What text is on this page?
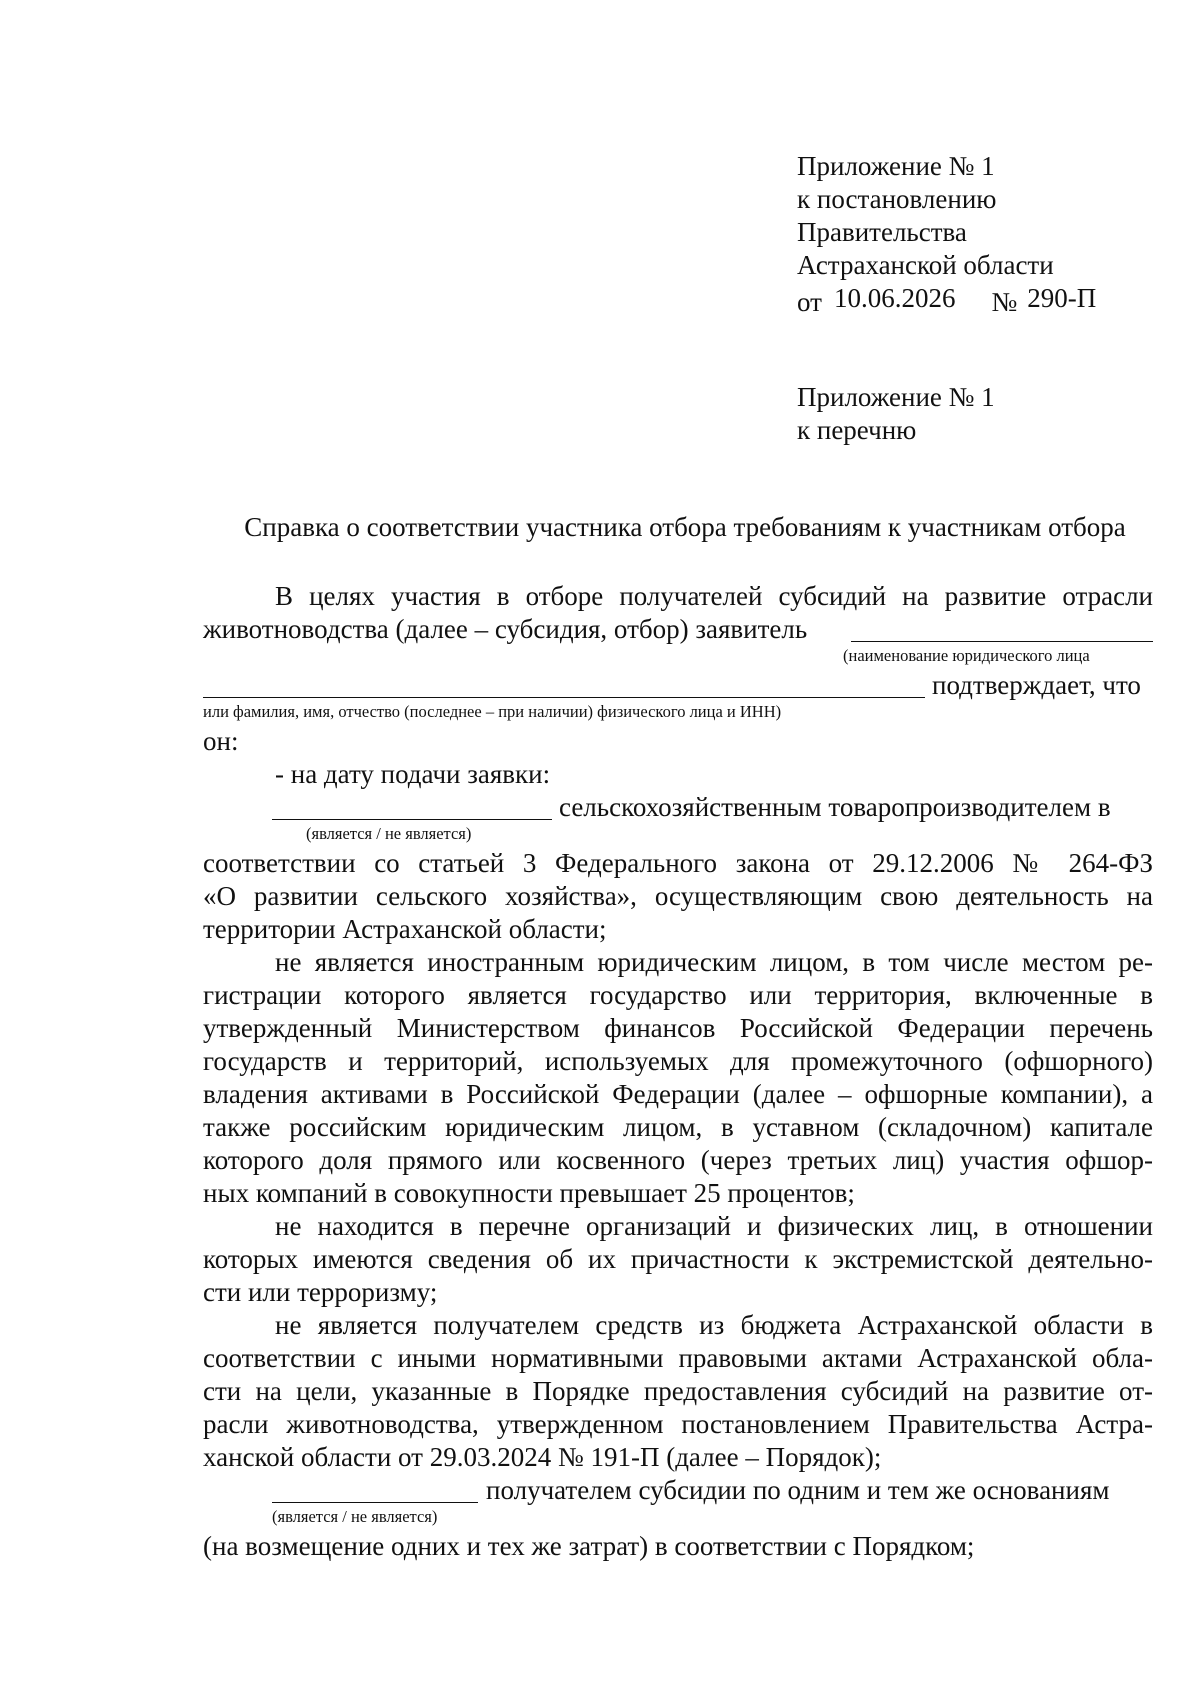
Приложение № 1
к постановлению
Правительства
Астраханской области
от 10.06.2026 № 290-П
Приложение № 1
к перечню
Справка о соответствии участника отбора требованиям к участникам отбора
В целях участия в отборе получателей субсидий на развитие отрасли
животноводства (далее – субсидия, отбор) заявитель
(наименование юридического лица
подтверждает, что
или фамилия, имя, отчество (последнее – при наличии) физического лица и ИНН)
он:
- на дату подачи заявки:
сельскохозяйственным товаропроизводителем в
(является / не является)
соответствии со статьей 3 Федерального закона от 29.12.2006 № 264-ФЗ
«О развитии сельского хозяйства», осуществляющим свою деятельность на
территории Астраханской области;
не является иностранным юридическим лицом, в том числе местом ре-
гистрации которого является государство или территория, включенные в
утвержденный Министерством финансов Российской Федерации перечень
государств и территорий, используемых для промежуточного (офшорного)
владения активами в Российской Федерации (далее – офшорные компании), а
также российским юридическим лицом, в уставном (складочном) капитале
которого доля прямого или косвенного (через третьих лиц) участия офшор-
ных компаний в совокупности превышает 25 процентов;
не находится в перечне организаций и физических лиц, в отношении
которых имеются сведения об их причастности к экстремистской деятельно-
сти или терроризму;
не является получателем средств из бюджета Астраханской области в
соответствии с иными нормативными правовыми актами Астраханской обла-
сти на цели, указанные в Порядке предоставления субсидий на развитие от-
расли животноводства, утвержденном постановлением Правительства Астра-
ханской области от 29.03.2024 № 191-П (далее – Порядок);
получателем субсидии по одним и тем же основаниям
(является / не является)
(на возмещение одних и тех же затрат) в соответствии с Порядком;
